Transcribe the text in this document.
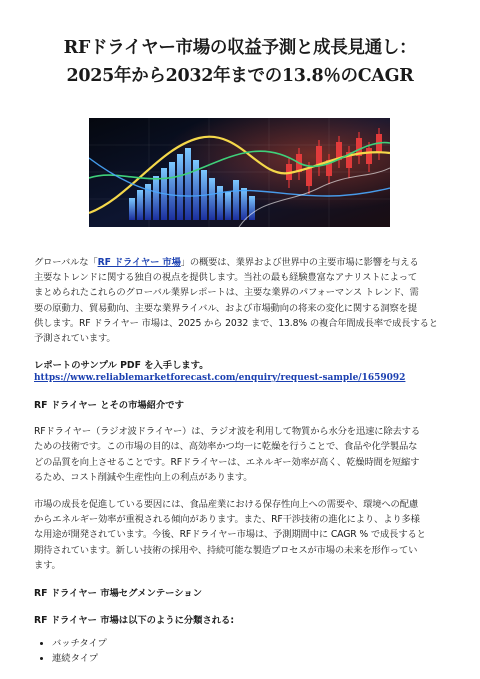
RFドライヤー市場の収益予測と成長見通し：
2025年から2032年までの13.8％のCAGR

グローバルな「RF ドライヤー 市場」の概要は、業界および世界中の主要市場に影響を与える
主要なトレンドに関する独自の視点を提供します。当社の最も経験豊富なアナリストによって
まとめられたこれらのグローバル業界レポートは、主要な業界のパフォーマンス トレンド、需
要の原動力、貿易動向、主要な業界ライバル、および市場動向の将来の変化に関する洞察を提
供します。RF ドライヤー 市場は、2025 から 2032 まで、13.8% の複合年間成長率で成長すると
予測されています。

レポートのサンプル PDF を入手します。

https://www.reliablemarketforecast.com/enquiry/request-sample/1659092

RF ドライヤー とその市場紹介です

RFドライヤー（ラジオ波ドライヤー）は、ラジオ波を利用して物質から水分を迅速に除去する
ための技術です。この市場の目的は、高効率かつ均一に乾燥を行うことで、食品や化学製品な
どの品質を向上させることです。RFドライヤーは、エネルギー効率が高く、乾燥時間を短縮す
るため、コスト削減や生産性向上の利点があります。

市場の成長を促進している要因には、食品産業における保存性向上への需要や、環境への配慮
からエネルギー効率が重視される傾向があります。また、RF干渉技術の進化により、より多様
な用途が開発されています。今後、RFドライヤー市場は、予測期間中に CAGR % で成長すると
期待されています。新しい技術の採用や、持続可能な製造プロセスが市場の未来を形作ってい
ます。

RF ドライヤー 市場セグメンテーション

RF ドライヤー 市場は以下のように分類される:

• バッチタイプ
• 連続タイプ
